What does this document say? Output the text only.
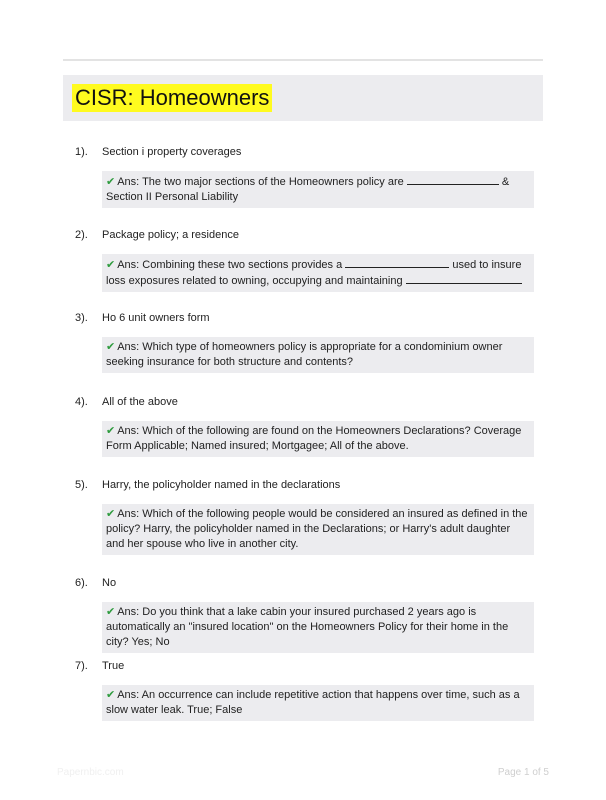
CISR: Homeowners
1). Section i property coverages
✔ Ans: The two major sections of the Homeowners policy are	& Section II Personal Liability
2). Package policy; a residence
✔ Ans: Combining these two sections provides a	used to insure loss exposures related to owning, occupying and maintaining
3). Ho 6 unit owners form
✔ Ans: Which type of homeowners policy is appropriate for a condominium owner seeking insurance for both structure and contents?
4). All of the above
✔ Ans: Which of the following are found on the Homeowners Declarations? Coverage Form Applicable; Named insured; Mortgagee; All of the above.
5). Harry, the policyholder named in the declarations
✔ Ans: Which of the following people would be considered an insured as defined in the policy? Harry, the policyholder named in the Declarations; or Harry's adult daughter and her spouse who live in another city.
6). No
✔ Ans: Do you think that a lake cabin your insured purchased 2 years ago is automatically an "insured location" on the Homeowners Policy for their home in the city? Yes; No
7). True
✔ Ans: An occurrence can include repetitive action that happens over time, such as a slow water leak. True; False
Papernbic.com	Page 1 of 5
